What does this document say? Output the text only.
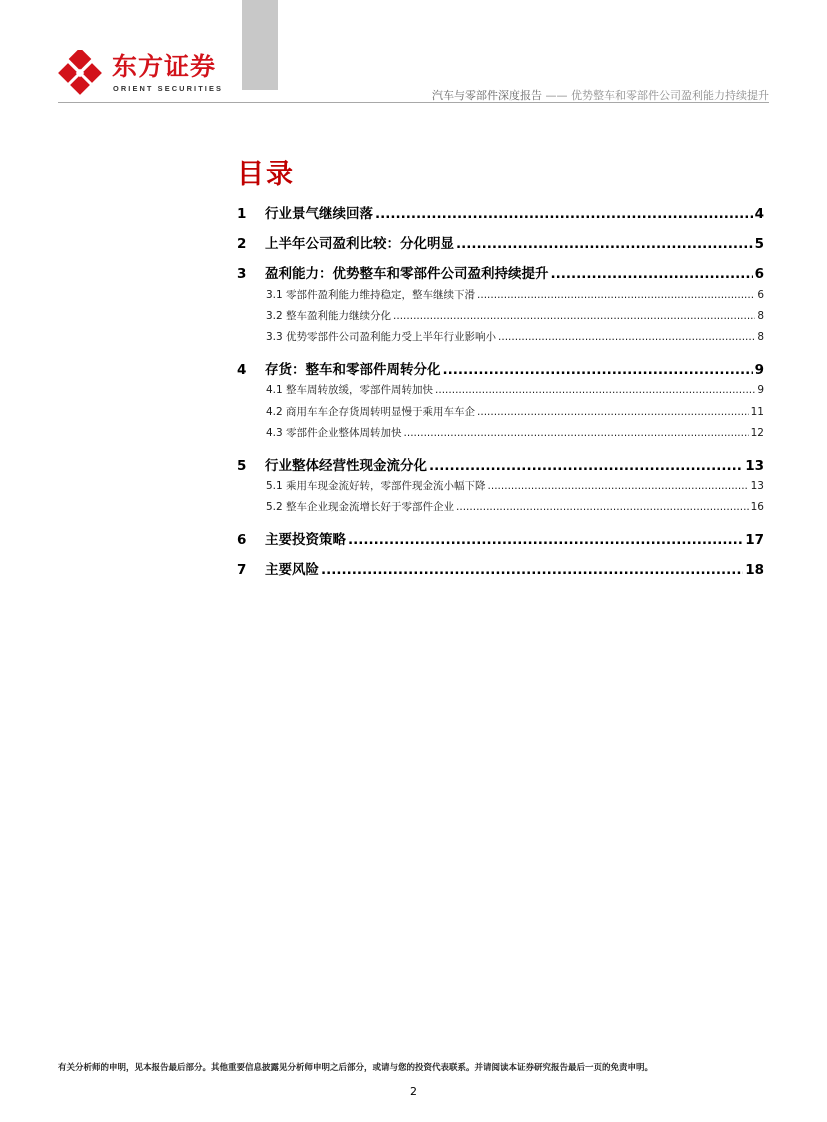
东方证券
ORIENT SECURITIES
汽车与零部件深度报告 —— 优势整车和零部件公司盈利能力持续提升
目录
1	行业景气继续回落 .....	4
2	上半年公司盈利比较：分化明显 .....	5
3	盈利能力：优势整车和零部件公司盈利持续提升 .....	6
3.1 零部件盈利能力维持稳定，整车继续下滑 .....	6
3.2 整车盈利能力继续分化 .....	8
3.3 优势零部件公司盈利能力受上半年行业影响小 .....	8
4	存货：整车和零部件周转分化 .....	9
4.1 整车周转放缓，零部件周转加快 .....	9
4.2 商用车车企存货周转明显慢于乘用车车企 .....	11
4.3 零部件企业整体周转加快 .....	12
5	行业整体经营性现金流分化 .....	13
5.1 乘用车现金流好转，零部件现金流小幅下降 .....	13
5.2 整车企业现金流增长好于零部件企业 .....	16
6	主要投资策略 .....	17
7	主要风险 .....	18
有关分析师的申明，见本报告最后部分。其他重要信息披露见分析师申明之后部分，或请与您的投资代表联系。并请阅读本证券研究报告最后一页的免责申明。
2
